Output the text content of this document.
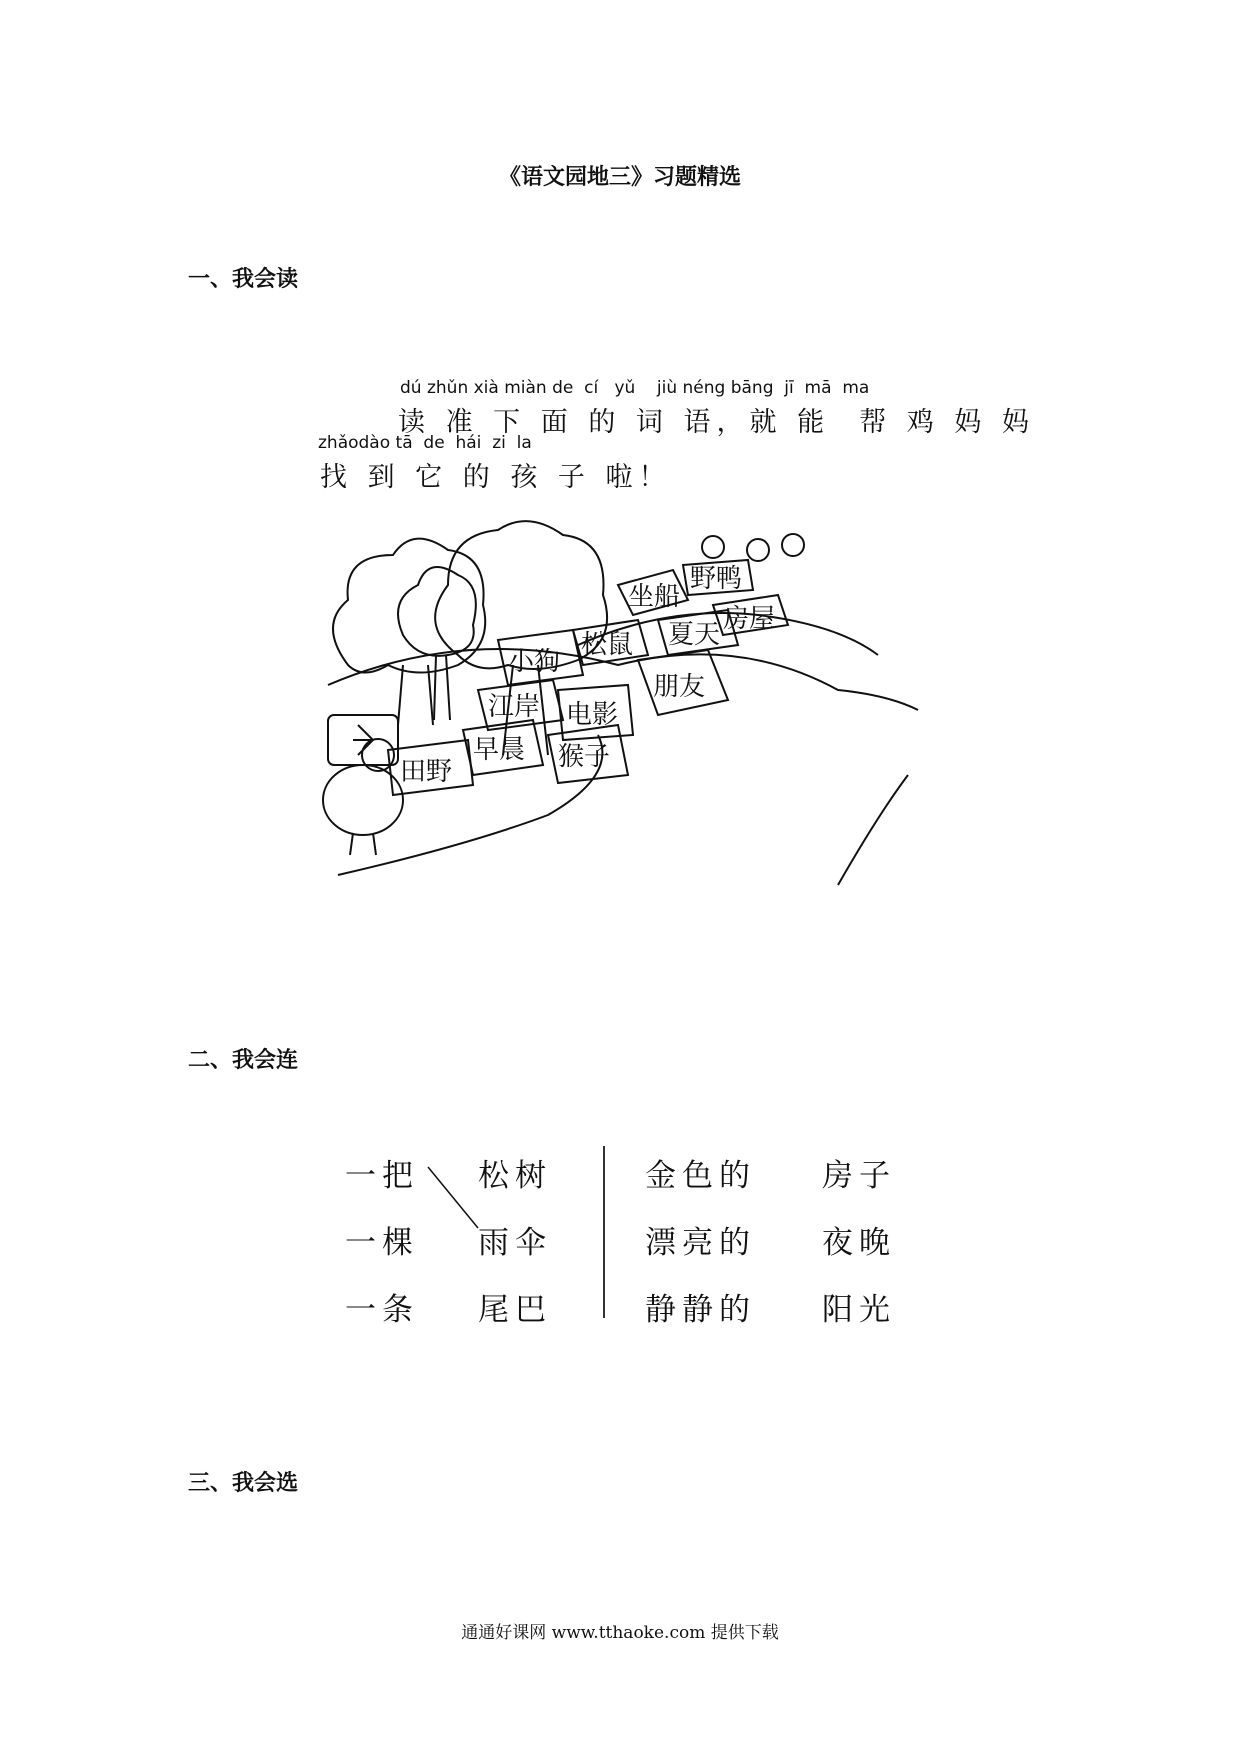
《语文园地三》习题精选
一、我会读
dú zhǔn xià miàn de  cí   yǔ    jiù néng bāng  jī  mā  ma
读 准 下 面 的 词 语，就 能  帮 鸡 妈 妈
zhǎodào tā  de  hái  zi  la
找 到 它 的 孩 子 啦！
坐船
野鸭
房屋
夏天
松鼠
小狗
朋友
江岸 电影
早晨 猴子
田野
二、我会连
一把
一棵
一条
松树
雨伞
尾巴
金色的
漂亮的
静静的
房子
夜晚
阳光
三、我会选
通通好课网 www.tthaoke.com 提供下载
